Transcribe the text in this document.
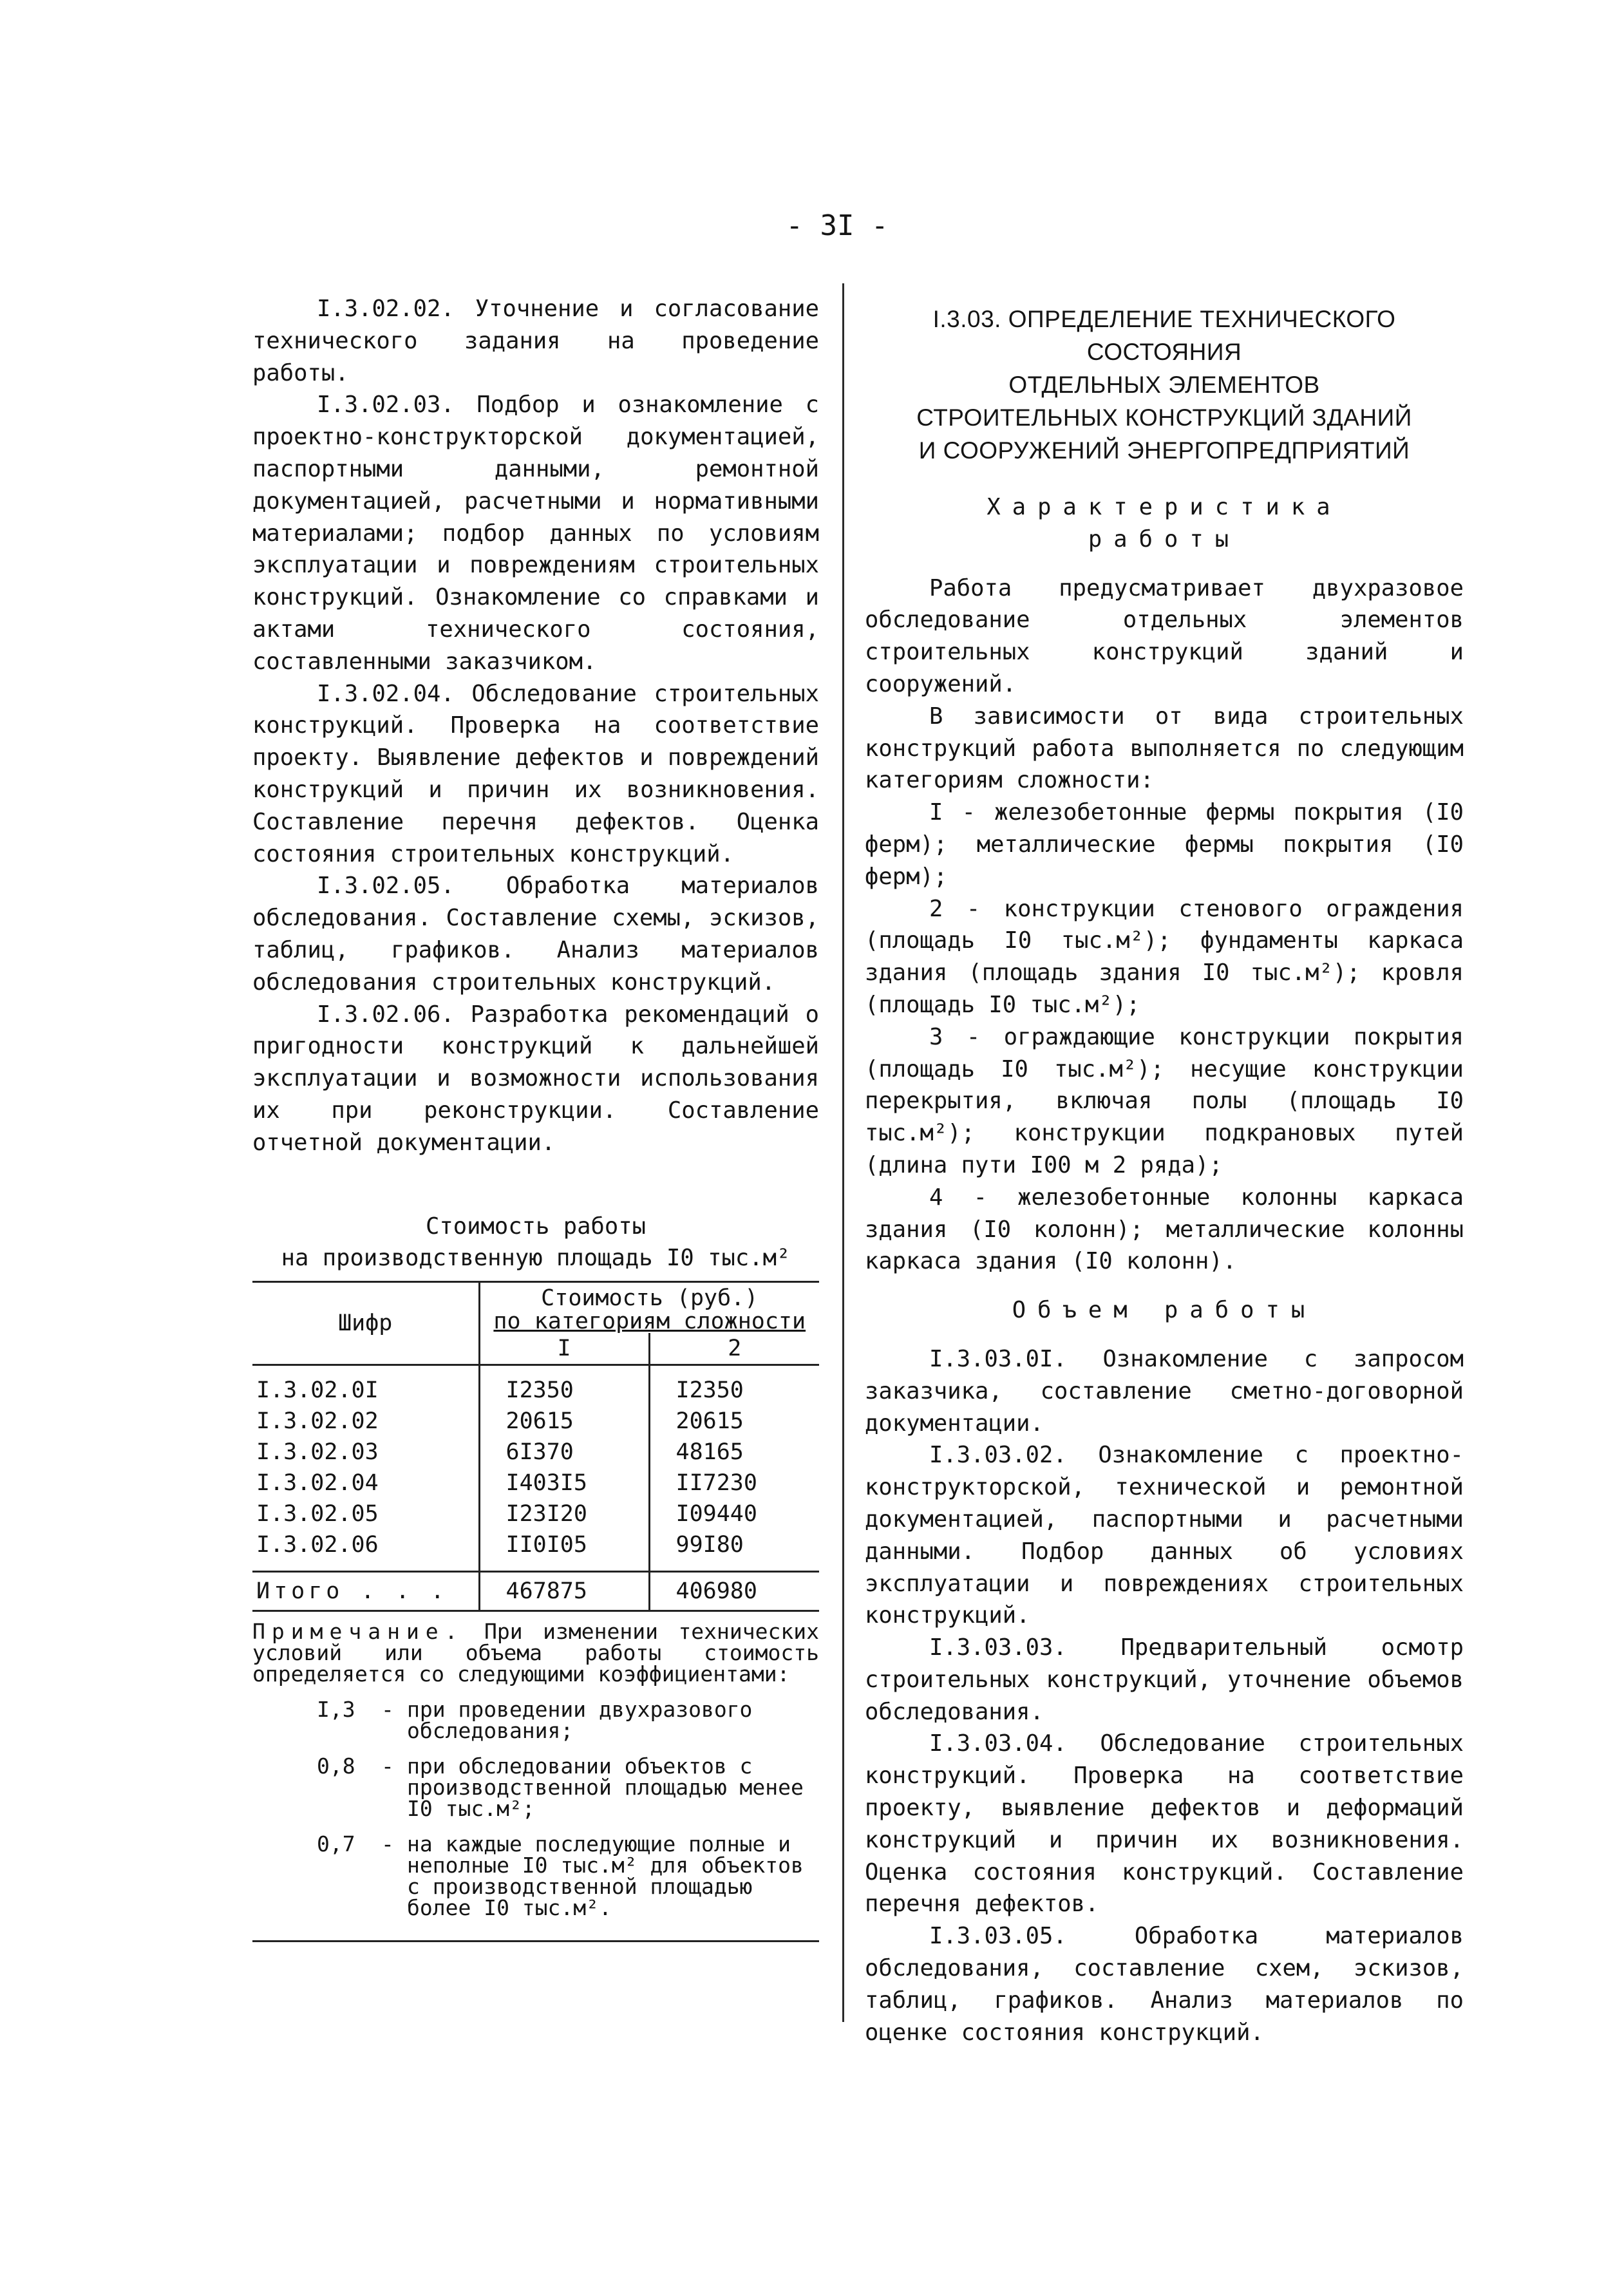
- 3I -

I.3.02.02. Уточнение и согласование технического задания на проведение работы.

I.3.02.03. Подбор и ознакомление с проектно-конструкторской документацией, паспортными данными, ремонтной документацией, расчетными и нормативными материалами; подбор данных по условиям эксплуатации и повреждениям строительных конструкций. Ознакомление со справками и актами технического состояния, составленными заказчиком.

I.3.02.04. Обследование строительных конструкций. Проверка на соответствие проекту. Выявление дефектов и повреждений конструкций и причин их возникновения. Составление перечня дефектов. Оценка состояния строительных конструкций.

I.3.02.05. Обработка материалов обследования. Составление схемы, эскизов, таблиц, графиков. Анализ материалов обследования строительных конструкций.

I.3.02.06. Разработка рекомендаций о пригодности конструкций к дальнейшей эксплуатации и возможности использования их при реконструкции. Составление отчетной документации.

Стоимость работы

на производственную площадь I0 тыс.м²

Шифр	Стоимость (руб.)
по категориям сложности	
	I	2

I.3.02.0I	I2350	I2350
I.3.02.02	20615	20615
I.3.02.03	6I370	48165
I.3.02.04	I403I5	II7230
I.3.02.05	I23I20	I09440
I.3.02.06	II0I05	99I80

Итого . . .	467875	406980

Примечание. При изменении технических условий или объема работы стоимость определяется со следующими коэффициентами:

I,3	- при проведении двухразового обследования;
0,8	- при обследовании объектов с производственной площадью менее I0 тыс.м²;
0,7	- на каждые последующие полные и неполные I0 тыс.м² для объектов с производственной площадью более I0 тыс.м².
I.3.03. ОПРЕДЕЛЕНИЕ ТЕХНИЧЕСКОГО
СОСТОЯНИЯ
ОТДЕЛЬНЫХ ЭЛЕМЕНТОВ
СТРОИТЕЛЬНЫХ КОНСТРУКЦИЙ ЗДАНИЙ
И СООРУЖЕНИЙ ЭНЕРГОПРЕДПРИЯТИЙ

Характеристика

работы

Работа предусматривает двухразовое обследование отдельных элементов строительных конструкций зданий и сооружений.

В зависимости от вида строительных конструкций работа выполняется по следующим категориям сложности:

I - железобетонные фермы покрытия (I0 ферм); металлические фермы покрытия (I0 ферм);

2 - конструкции стенового ограждения (площадь I0 тыс.м²); фундаменты каркаса здания (площадь здания I0 тыс.м²); кровля (площадь I0 тыс.м²);

3 - ограждающие конструкции покрытия (площадь I0 тыс.м²); несущие конструкции перекрытия, включая полы (площадь I0 тыс.м²); конструкции подкрановых путей (длина пути I00 м 2 ряда);

4 - железобетонные колонны каркаса здания (I0 колонн); металлические колонны каркаса здания (I0 колонн).

Объем работы

I.3.03.0I. Ознакомление с запросом заказчика, составление сметно-договорной документации.

I.3.03.02. Ознакомление с проектно-конструкторской, технической и ремонтной документацией, паспортными и расчетными данными. Подбор данных об условиях эксплуатации и повреждениях строительных конструкций.

I.3.03.03. Предварительный осмотр строительных конструкций, уточнение объемов обследования.

I.3.03.04. Обследование строительных конструкций. Проверка на соответствие проекту, выявление дефектов и деформаций конструкций и причин их возникновения. Оценка состояния конструкций. Составление перечня дефектов.

I.3.03.05. Обработка материалов обследования, составление схем, эскизов, таблиц, графиков. Анализ материалов по оценке состояния конструкций.
